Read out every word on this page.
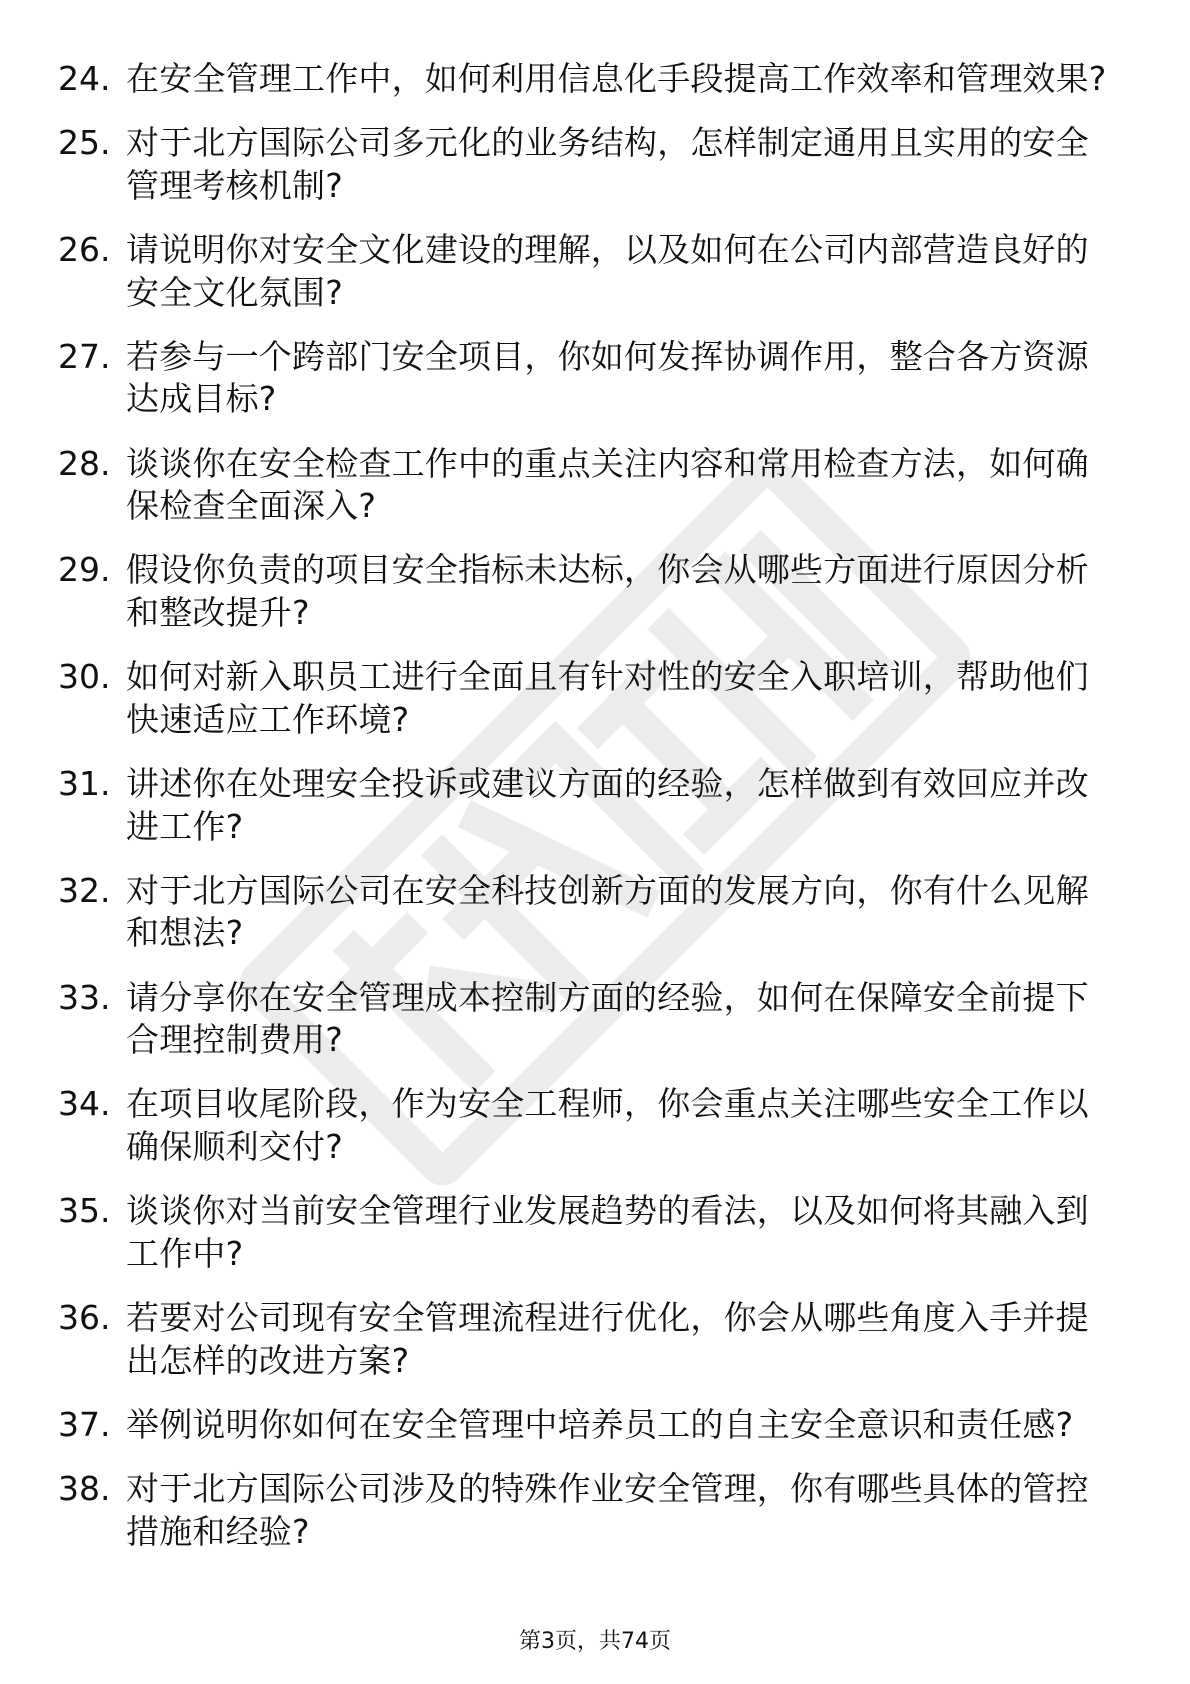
24. 在安全管理工作中，如何利用信息化手段提高工作效率和管理效果?
25. 对于北方国际公司多元化的业务结构，怎样制定通用且实用的安全管理考核机制?
26. 请说明你对安全文化建设的理解，以及如何在公司内部营造良好的安全文化氛围?
27. 若参与一个跨部门安全项目，你如何发挥协调作用，整合各方资源达成目标?
28. 谈谈你在安全检查工作中的重点关注内容和常用检查方法，如何确保检查全面深入?
29. 假设你负责的项目安全指标未达标，你会从哪些方面进行原因分析和整改提升?
30. 如何对新入职员工进行全面且有针对性的安全入职培训，帮助他们快速适应工作环境?
31. 讲述你在处理安全投诉或建议方面的经验，怎样做到有效回应并改进工作?
32. 对于北方国际公司在安全科技创新方面的发展方向，你有什么见解和想法?
33. 请分享你在安全管理成本控制方面的经验，如何在保障安全前提下合理控制费用?
34. 在项目收尾阶段，作为安全工程师，你会重点关注哪些安全工作以确保顺利交付?
35. 谈谈你对当前安全管理行业发展趋势的看法，以及如何将其融入到工作中?
36. 若要对公司现有安全管理流程进行优化，你会从哪些角度入手并提出怎样的改进方案?
37. 举例说明你如何在安全管理中培养员工的自主安全意识和责任感?
38. 对于北方国际公司涉及的特殊作业安全管理，你有哪些具体的管控措施和经验?
第3页，共74页
